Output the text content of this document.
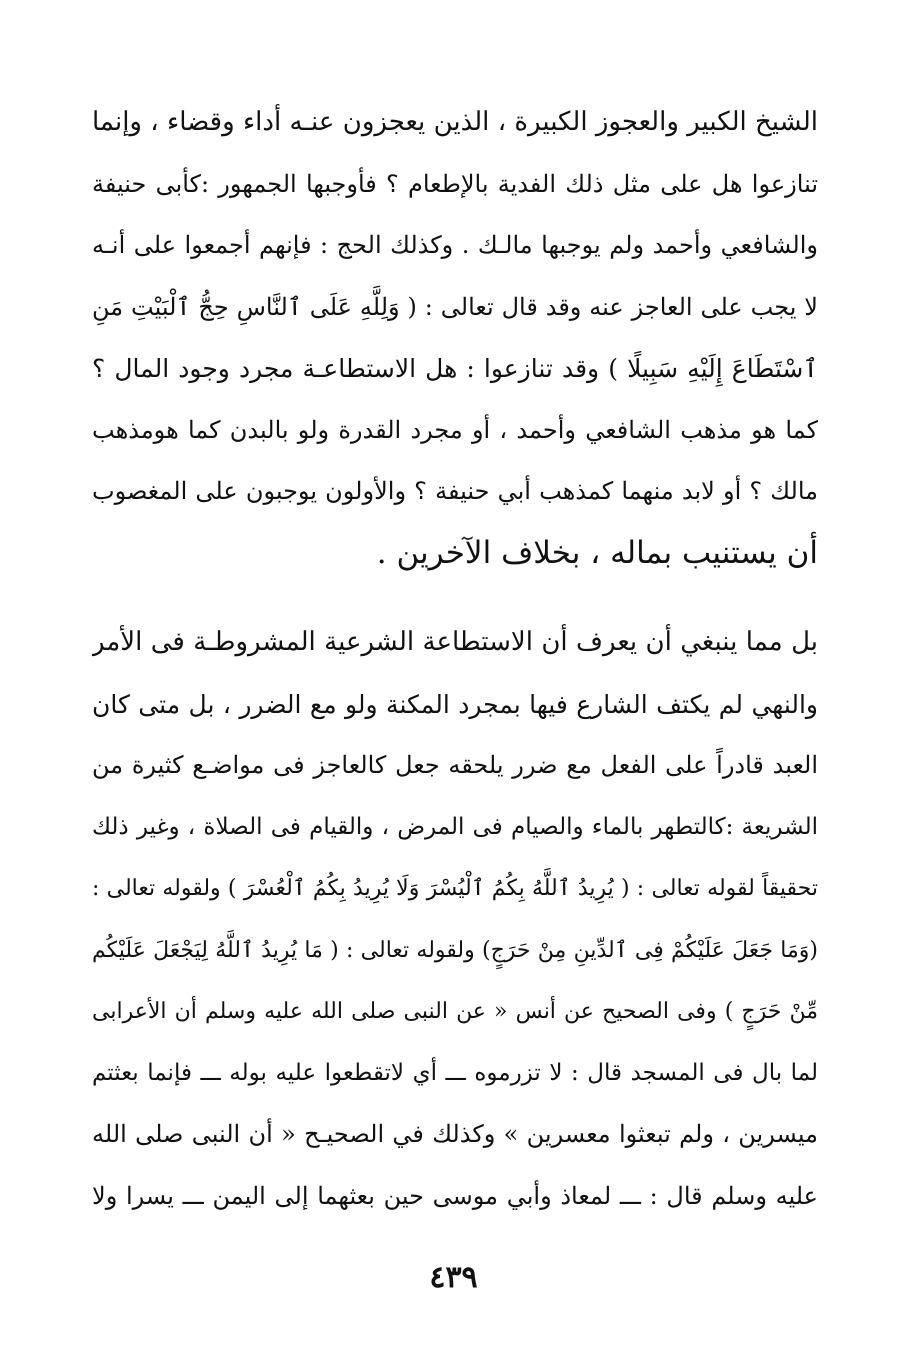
الشيخ الكبير والعجوز الكبيرة ، الذين يعجزون عنـه أداء وقضاء ، وإنما
تنازعوا هل على مثل ذلك الفدية بالإطعام ؟ فأوجبها الجمهور :كأبى حنيفة
والشافعي وأحمد ولم يوجبها مالـك . وكذلك الحج : فإنهم أجمعوا على أنـه
لا يجب على العاجز عنه وقد قال تعالى : ( وَلِلَّهِ عَلَى ٱلنَّاسِ حِجُّ ٱلْبَيْتِ مَنِ
ٱسْتَطَاعَ إِلَيْهِ سَبِيلًا ) وقد تنازعوا : هل الاستطاعـة مجرد وجود المال ؟
كما هو مذهب الشافعي وأحمد ، أو مجرد القدرة ولو بالبدن كما هومذهب
مالك ؟ أو لابد منهما كمذهب أبي حنيفة ؟ والأولون يوجبون على المغصوب
أن يستنيب بماله ، بخلاف الآخرين .
بل مما ينبغي أن يعرف أن الاستطاعة الشرعية المشروطـة فى الأمر
والنهي لم يكتف الشارع فيها بمجرد المكنة ولو مع الضرر ، بل متى كان
العبد قادراً على الفعل مع ضرر يلحقه جعل كالعاجز فى مواضـع كثيرة من
الشريعة :كالتطهر بالماء والصيام فى المرض ، والقيام فى الصلاة ، وغير ذلك
تحقيقاً لقوله تعالى : ( يُرِيدُ ٱللَّهُ بِكُمُ ٱلْيُسْرَ وَلَا يُرِيدُ بِكُمُ ٱلْعُسْرَ ) ولقوله تعالى :
(وَمَا جَعَلَ عَلَيْكُمْ فِى ٱلدِّينِ مِنْ حَرَجٍ) ولقوله تعالى : ( مَا يُرِيدُ ٱللَّهُ لِيَجْعَلَ عَلَيْكُم
مِّنْ حَرَجٍ ) وفى الصحيح عن أنس « عن النبى صلى الله عليه وسلم أن الأعرابى
لما بال فى المسجد قال : لا تزرموه ـــ أي لاتقطعوا عليه بوله ـــ فإنما بعثتم
ميسرين ، ولم تبعثوا معسرين » وكذلك في الصحيـح « أن النبى صلى الله
عليه وسلم قال : ـــ لمعاذ وأبي موسى حين بعثهما إلى اليمن ـــ يسرا ولا
٤٣٩
